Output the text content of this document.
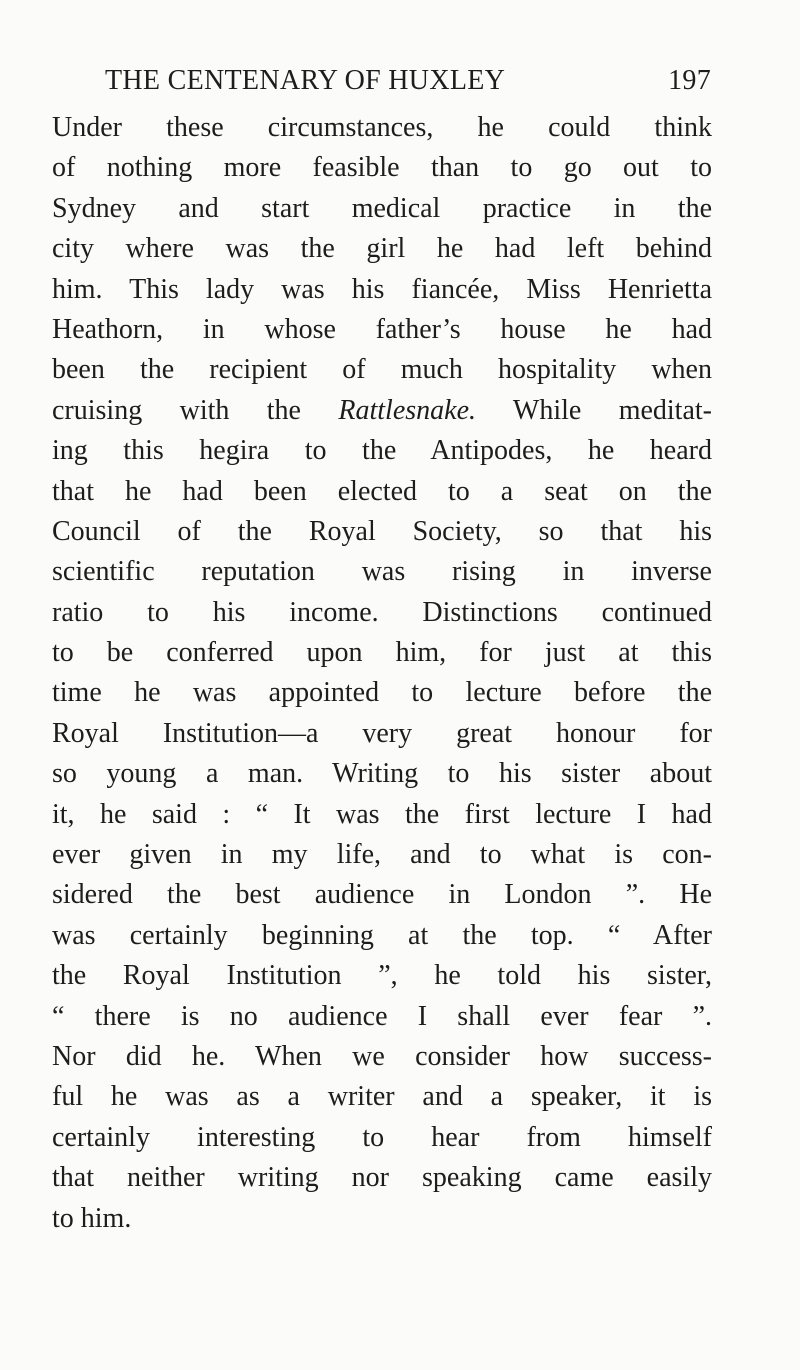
THE CENTENARY OF HUXLEY	197
Under these circumstances, he could think
of nothing more feasible than to go out to
Sydney and start medical practice in the
city where was the girl he had left behind
him. This lady was his fiancée, Miss Henrietta
Heathorn, in whose father’s house he had
been the recipient of much hospitality when
cruising with the Rattlesnake. While meditat-
ing this hegira to the Antipodes, he heard
that he had been elected to a seat on the
Council of the Royal Society, so that his
scientific reputation was rising in inverse
ratio to his income. Distinctions continued
to be conferred upon him, for just at this
time he was appointed to lecture before the
Royal Institution—a very great honour for
so young a man. Writing to his sister about
it, he said : “ It was the first lecture I had
ever given in my life, and to what is con-
sidered the best audience in London ”. He
was certainly beginning at the top. “ After
the Royal Institution ”, he told his sister,
“ there is no audience I shall ever fear ”.
Nor did he. When we consider how success-
ful he was as a writer and a speaker, it is
certainly interesting to hear from himself
that neither writing nor speaking came easily
to him.
